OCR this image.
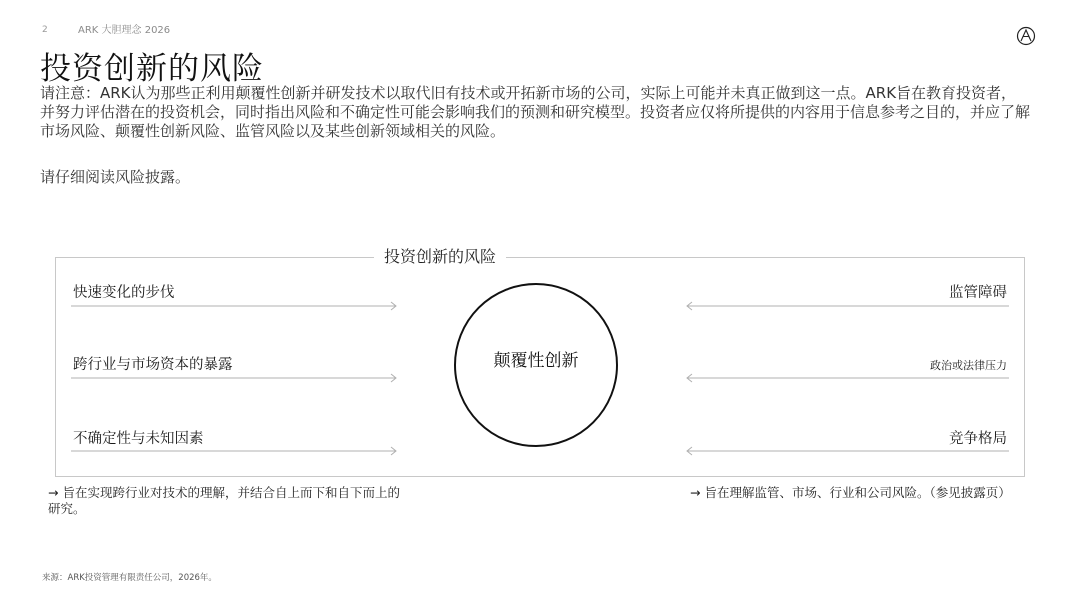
2	ARK 大胆理念 2026
投资创新的风险
请注意：ARK认为那些正利用颠覆性创新并研发技术以取代旧有技术或开拓新市场的公司，实际上可能并未真正做到这一点。ARK旨在教育投资者，并努力评估潜在的投资机会，同时指出风险和不确定性可能会影响我们的预测和研究模型。投资者应仅将所提供的内容用于信息参考之目的，并应了解市场风险、颠覆性创新风险、监管风险以及某些创新领域相关的风险。
请仔细阅读风险披露。
投资创新的风险
快速变化的步伐
跨行业与市场资本的暴露
不确定性与未知因素
颠覆性创新
监管障碍
政治或法律压力
竞争格局
→ 旨在实现跨行业对技术的理解，并结合自上而下和自下而上的研究。
→ 旨在理解监管、市场、行业和公司风险。（参见披露页）
来源：ARK投资管理有限责任公司，2026年。
